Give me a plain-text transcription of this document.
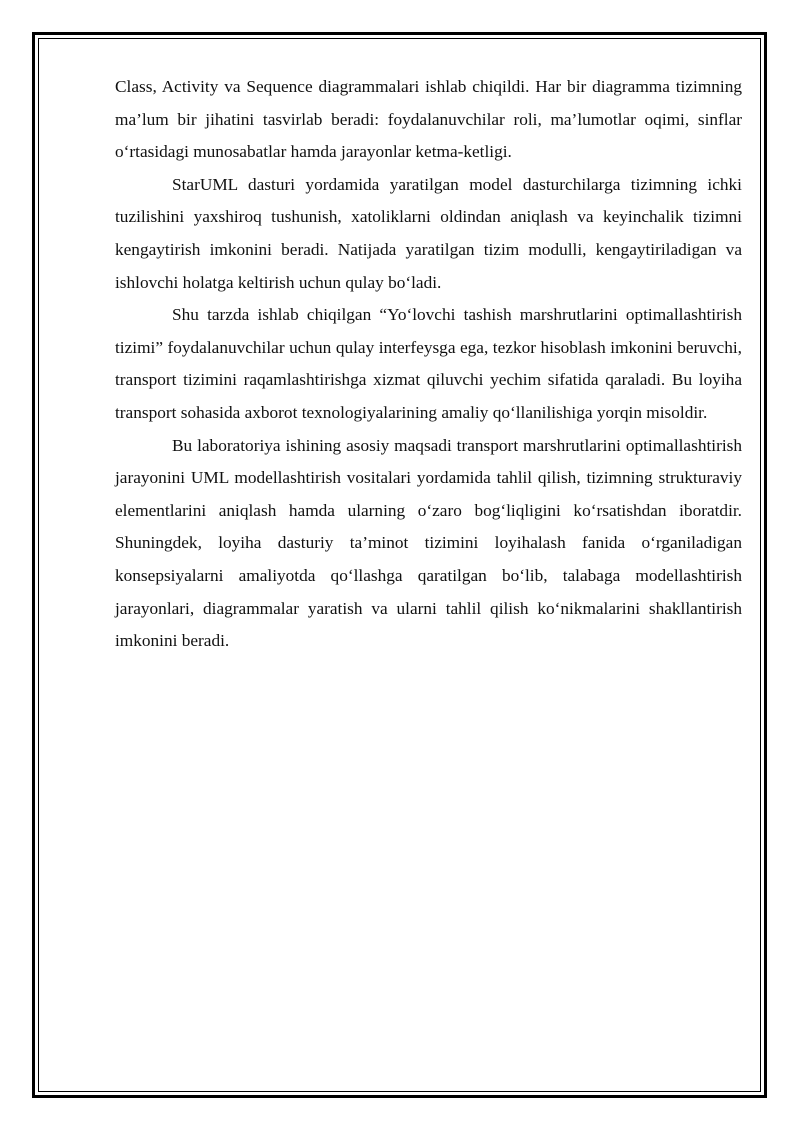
Class, Activity va Sequence diagrammalari ishlab chiqildi. Har bir diagramma tizimning ma’lum bir jihatini tasvirlab beradi: foydalanuvchilar roli, ma’lumotlar oqimi, sinflar o‘rtasidagi munosabatlar hamda jarayonlar ketma-ketligi.

StarUML dasturi yordamida yaratilgan model dasturchilarga tizimning ichki tuzilishini yaxshiroq tushunish, xatoliklarni oldindan aniqlash va keyinchalik tizimni kengaytirish imkonini beradi. Natijada yaratilgan tizim modulli, kengaytiriladigan va ishlovchi holatga keltirish uchun qulay bo‘ladi.

Shu tarzda ishlab chiqilgan “Yo‘lovchi tashish marshrutlarini optimallashtirish tizimi” foydalanuvchilar uchun qulay interfeysga ega, tezkor hisoblash imkonini beruvchi, transport tizimini raqamlashtirishga xizmat qiluvchi yechim sifatida qaraladi. Bu loyiha transport sohasida axborot texnologiyalarining amaliy qo‘llanilishiga yorqin misoldir.

Bu laboratoriya ishining asosiy maqsadi transport marshrutlarini optimallashtirish jarayonini UML modellashtirish vositalari yordamida tahlil qilish, tizimning strukturaviy elementlarini aniqlash hamda ularning o‘zaro bog‘liqligini ko‘rsatishdan iboratdir. Shuningdek, loyiha dasturiy ta’minot tizimini loyihalash fanida o‘rganiladigan konsepsiyalarni amaliyotda qo‘llashga qaratilgan bo‘lib, talabaga modellashtirish jarayonlari, diagrammalar yaratish va ularni tahlil qilish ko‘nikmalarini shakllantirish imkonini beradi.
